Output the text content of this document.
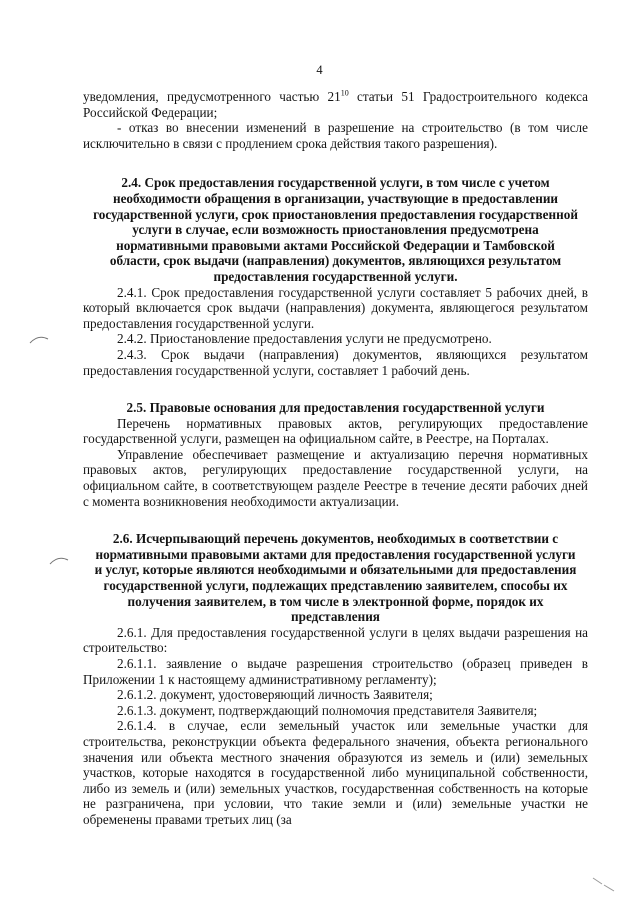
4

уведомления, предусмотренного частью $21^{10}$ статьи 51 Градостроительного кодекса Российской Федерации;

- отказ во внесении изменений в разрешение на строительство (в том числе исключительно в связи с продлением срока действия такого разрешения).

2.4. Срок предоставления государственной услуги, в том числе с учетом необходимости обращения в организации, участвующие в предоставлении государственной услуги, срок приостановления предоставления государственной услуги в случае, если возможность приостановления предусмотрена нормативными правовыми актами Российской Федерации и Тамбовской области, срок выдачи (направления) документов, являющихся результатом предоставления государственной услуги.

2.4.1. Срок предоставления государственной услуги составляет 5 рабочих дней, в который включается срок выдачи (направления) документа, являющегося результатом предоставления государственной услуги.

2.4.2. Приостановление предоставления услуги не предусмотрено.

2.4.3. Срок выдачи (направления) документов, являющихся результатом предоставления государственной услуги, составляет 1 рабочий день.

2.5. Правовые основания для предоставления государственной услуги

Перечень нормативных правовых актов, регулирующих предоставление государственной услуги, размещен на официальном сайте, в Реестре, на Порталах.

Управление обеспечивает размещение и актуализацию перечня нормативных правовых актов, регулирующих предоставление государственной услуги, на официальном сайте, в соответствующем разделе Реестре в течение десяти рабочих дней с момента возникновения необходимости актуализации.

2.6. Исчерпывающий перечень документов, необходимых в соответствии с нормативными правовыми актами для предоставления государственной услуги и услуг, которые являются необходимыми и обязательными для предоставления государственной услуги, подлежащих представлению заявителем, способы их получения заявителем, в том числе в электронной форме, порядок их представления

2.6.1. Для предоставления государственной услуги в целях выдачи разрешения на строительство:

2.6.1.1. заявление о выдаче разрешения строительство (образец приведен в Приложении 1 к настоящему административному регламенту);

2.6.1.2. документ, удостоверяющий личность Заявителя;

2.6.1.3. документ, подтверждающий полномочия представителя Заявителя;

2.6.1.4. в случае, если земельный участок или земельные участки для строительства, реконструкции объекта федерального значения, объекта регионального значения или объекта местного значения образуются из земель и (или) земельных участков, которые находятся в государственной либо муниципальной собственности, либо из земель и (или) земельных участков, государственная собственность на которые не разграничена, при условии, что такие земли и (или) земельные участки не обременены правами третьих лиц (за
